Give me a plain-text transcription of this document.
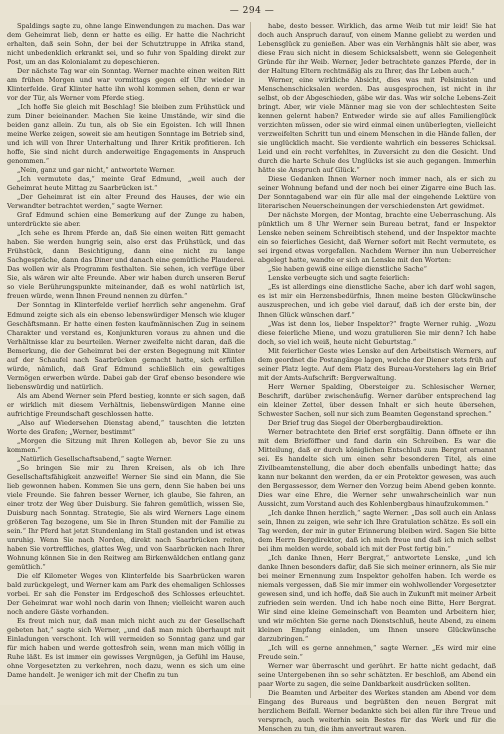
— 294 —

Spaldings sagte zu, ohne lange Einwendungen zu machen. Das war dem Geheimrat lieb, denn er hatte es eilig. Er hatte die Nachricht erhalten, daß sein Sohn, der bei der Schutztruppe in Afrika stand, nicht unbedenklich erkrankt sei, und so fuhr von Spalding direkt zur Post, um an das Kolonialamt zu depeschieren.

Der nächste Tag war ein Sonntag. Werner machte einen weiten Ritt am frühen Morgen und war vormittags gegen elf Uhr wieder in Klinterfelde. Graf Klinter hatte ihn wohl kommen sehen, denn er war vor der Tür, als Werner vom Pferde stieg.

„Ich hoffe Sie gleich mit Beschlag! Sie bleiben zum Frühstück und zum Diner beieinander. Machen Sie keine Umstände, wir sind die beiden ganz allein. Zu tun, als ob Sie ein Egoisten. Ich will Ihnen meine Werke zeigen, soweit sie am heutigen Sonntage im Betrieb sind, und ich will von Ihrer Unterhaltung und Ihrer Kritik profitieren. Ich hoffe, Sie sind nicht durch anderweitige Engagements in Anspruch genommen.“

„Nein, ganz und gar nicht,“ antwortete Werner.

„Ich vermutete das,“ meinte Graf Edmund, „weil auch der Geheimrat heute Mittag zu Saarbrücken ist.“

„Der Geheimrat ist ein alter Freund des Hauses, der wie ein Verwandter betrachtet werden,“ sagte Werner.

Graf Edmund schien eine Bemerkung auf der Zunge zu haben, unterdrückte sie aber.

„Ich sehe es Ihrem Pferde an, daß Sie einen weiten Ritt gemacht haben. Sie werden hungrig sein, also erst das Frühstück, und das Frühstück, dann Besichtigung, dann eine nicht zu lange Sachgespräche, dann das Diner und danach eine gemütliche Plauderei. Das wollen wir als Programm festhalten. Sie sehen, ich verfüge über Sie, als wären wir alte Freunde. Aber wir haben durch unseren Beruf so viele Berührungspunkte miteinander, daß es wohl natürlich ist, freuen würde, wenn Ihnen Freund nennen zu dürfen.“

Der Sonntag in Klinterfelde verlief herrlich sehr angenehm. Graf Edmund zeigte sich als ein ebenso lebenswürdiger Mensch wie kluger Geschäftsmann. Er hatte einen festen kaufmännischen Zug in seinem Charakter und verstand es, Konjunkturen voraus zu ahnen und die Verhältnisse klar zu beurteilen. Werner zweifelte nicht daran, daß die Bemerkung, die der Geheimrat bei der ersten Begegnung mit Klinter auf der Schaufel nach Saarbrücken gemacht hatte, sich erfüllen würde, nämlich, daß Graf Edmund schließlich ein gewaltiges Vermögen erwerben würde. Dabei gab der Graf ebenso besondere wie liebenswürdig und natürlich.

Als am Abend Werner sein Pferd bestieg, konnte er sich sagen, daß er wirklich mit diesem Verhältnis, liebenswürdigen Manne eine aufrichtige Freundschaft geschlossen hatte.

„Also auf Wiedersehen Dienstag abend,“ tauschten die letzten Worte des Grafen; „Werner, bestimmt“

„Morgen die Sitzung mit Ihren Kollegen ab, bevor Sie zu uns kommen.“

„Natürlich Gesellschaftsabend,“ sagte Werner.

„So bringen Sie mir zu Ihren Kreisen, als ob ich Ihre Gesellschaftsfähigkeit anzweifle! Werner Sie sind ein Mann, die Sie lieb gewonnen haben. Kommen Sie uns gern, denn Sie haben bei uns viele Freunde. Sie fahren besser Werner, ich glaube, Sie fahren, an einer trotz der Weg über Duisburg. Sie fahren gemütlich, wissen Sie, Duisburg nach Sonntag. Strategie, Sie als wird Werners Lage einem größeren Tag bezogene, um Sie in Ihren Stunden mit der Familie zu sein.“ Ihr Pferd hat jetzt Stundenlang im Stall gestanden und ist etwas unruhig. Wenn Sie nach Norden, direkt nach Saarbrücken reiten, haben Sie vortreffliches, glattes Weg, und von Saarbrücken nach Ihrer Wohnung können Sie in den Reitweg am Birkenwäldchen entlang ganz gemütlich.“

Die elf Kilometer Weges von Klinterfelde bis Saarbrücken waren bald zurückgelegt, und Werner kam am Park des ehemaligen Schlosses vorbei. Er sah die Fenster im Erdgeschoß des Schlosses erleuchtet. Der Geheimrat war wohl noch darin von Ihnen; vielleicht waren auch noch andere Gäste vorhanden.

Es freut mich nur, daß man mich nicht auch zu der Gesellschaft gebeten hat,“ sagte sich Werner, „und daß man mich überhaupt mit Einladungen verschont. Ich will vermeiden so Sonntag ganz und gar für mich haben und werde gottesfroh sein, wenn man mich völlig in Ruhe läßt. Es ist immer ein gewisses Vergnügen, ja Gefühl im Hause, ohne Vorgesetzten zu verkehren, noch dazu, wenn es sich um eine Dame handelt. Je weniger ich mit der Chefin zu tun

habe, desto besser. Wirklich, das arme Weib tut mir leid! Sie hat doch auch Anspruch darauf, von einem Manne geliebt zu werden und Lebensglück zu genießen. Aber was ein Verhängnis hält sie aber, was diese Frau sich nicht in diesem Schicksalsbett, wenn sie Gelegenheit Gründe für ihr Weib. Werner, Jeder betrachtete ganzes Pferde, der in der Haltung Eltern rechtmäßig als zu Ihrer, das Ihr Leben auch.“

Werner, eine wirkliche Absicht, dies was mit Pelsimisten und Menschenschicksalen werden. Das ausgesprochen, ist nicht in ihr selbst, ob der Abgeschieden, gäbe wir das. Was wir solche Lebens-Zeit bringt. Aber, wir viele Männer mag sie von der schlechtesten Seite kennen gelernt haben? Entweder wirde sie auf alles Familienglück verzichten müssen, oder sie wird einmal einen unüberlegten, vielleicht verzweifelten Schritt tun und einem Menschen in die Hände fallen, der sie unglücklich macht. Sie verdiente wahrlich ein besseres Schicksal. Leid und ein recht verfehltes, in Zuversicht zu den die Gesicht. Und durch die harte Schule des Unglücks ist sie auch gegangen. Immerhin hätte sie Anspruch auf Glück.“

Diese Gedanken Ihnen Werner noch immer nach, als er sich zu seiner Wohnung befand und der noch bei einer Zigarre eine Buch las. Der Sonntagabend war ein für alle mal der eingehende Lektüre von literarischen Neuerscheinungen der verschiedensten Art gewidmet.

Der nächste Morgen, der Montag, brachte eine Ueberraschung. Als pünktlich um 8 Uhr Werner sein Bureau betrat, fand er Inspektor Lenske neben seinem Schreibtisch stehend, und der Inspektor machte ein so feierliches Gesicht, daß Werner sofort mit Recht vermutete, es sei irgend etwas vorgefallen. Nachdem Werner ihn nun Ueberreicher abgelegt hatte, wandte er sich an Lenske mit den Worten:

„Sie haben gewiß eine eilige dienstliche Sache“

Lenske verbeugte sich und sagte feierlich:

„Es ist allerdings eine dienstliche Sache, aber ich darf wohl sagen, es ist mir ein Herzensbedürfnis, Ihnen meine besten Glückwünsche auszusprechen, und ich gebe viel darauf, daß ich der erste bin, der Ihnen Glück wünschen darf.“

„Was ist denn los, lieber Inspektor?“ fragte Werner ruhig. „Wozu diese feierliche Miene, und wozu gratulieren Sie mir denn? Ich habe doch, so viel ich weiß, heute nicht Geburtstag.“

Mit feierlicher Geste wies Lenske auf den Arbeitstisch Werners, auf dem geordnet die Postangänge lagen, welche der Diener stets früh auf seiner Platz legte. Auf dem Platz des Bureau-Vorstehers lag ein Brief mit der Amts-Aufschrift: Bergverwaltung.

Herr Werner Spalding, Obersteiger zu. Schlesischer Werner, Beschrift, darüber zwischenäufig. Werner darüber entsprechend lag ein kleiner Zettel, über dessen Inhalt er sich heute übersehen, Schwester Sachen, soll nur sich zum Beamten Gegenstand sprechen.“

Der Brief trug das Siegel der Oberbergbaudirektion.

Werner betrachtete den Brief erst sorgfältig. Dann öffnete er ihn mit dem Brieföffner und fand darin ein Schreiben. Es war die Mitteilung, daß er durch königlichen Entschluß zum Bergrat ernannt sei. Es handelte sich um einen sehr besonderen Titel, als eine Zivilbeamtenstellung, die aber doch ebenfalls unbedingt hatte; das kann nur bekannt den werden, da er ein Protektor gewesen, was auch den Bergassessor, dem Werner den Vorzug beim Abend geben konnte. Dies war eine Ehre, die Werner sehr unwahrscheinlich war nun Aussicht, zum Vorstand auch des Kohlenbergbaus hinaufzukommen.“

„Ich danke Ihnen herzlich,“ sagte Werner. „Das soll auch ein Anlass sein, Ihnen zu zeigen, wie sehr ich Ihre Gratulation schätze. Es soll ein Tag werden, der mir in guter Erinnerung bleiben wird. Sagen Sie bitte dem Herrn Bergdirektor, daß ich mich freue und daß ich mich selbst bei ihm melden werde, sobald ich mit der Post fertig bin.“

„Ich danke Ihnen, Herr Bergrat,“ antwortete Lenske, „und ich danke Ihnen besonders dafür, daß Sie sich meiner erinnern, als Sie mir bei meiner Ernennung zum Inspektor geholfen haben. Ich werde es niemals vergessen, daß Sie mir immer ein wohlwollender Vorgesetzter gewesen sind, und ich hoffe, daß Sie auch in Zukunft mit meiner Arbeit zufrieden sein werden. Und ich habe noch eine Bitte, Herr Bergrat. Wir sind eine kleine Gemeinschaft von Beamten und Arbeitern hier, und wir möchten Sie gerne nach Dienstschluß, heute Abend, zu einem kleinen Empfang einladen, um Ihnen unsere Glückwünsche darzubringen.“

„Ich will es gerne annehmen,“ sagte Werner. „Es wird mir eine Freude sein.“

Werner war überrascht und gerührt. Er hatte nicht gedacht, daß seine Untergebenen ihn so sehr schätzten. Er beschloß, am Abend ein paar Worte zu sagen, die seine Dankbarkeit ausdrücken sollten.

Die Beamten und Arbeiter des Werkes standen am Abend vor dem Eingang des Bureaus und begrüßten den neuen Bergrat mit herzlichem Beifall. Werner bedankte sich bei allen für ihre Treue und versprach, auch weiterhin sein Bestes für das Werk und für die Menschen zu tun, die ihm anvertraut waren.
